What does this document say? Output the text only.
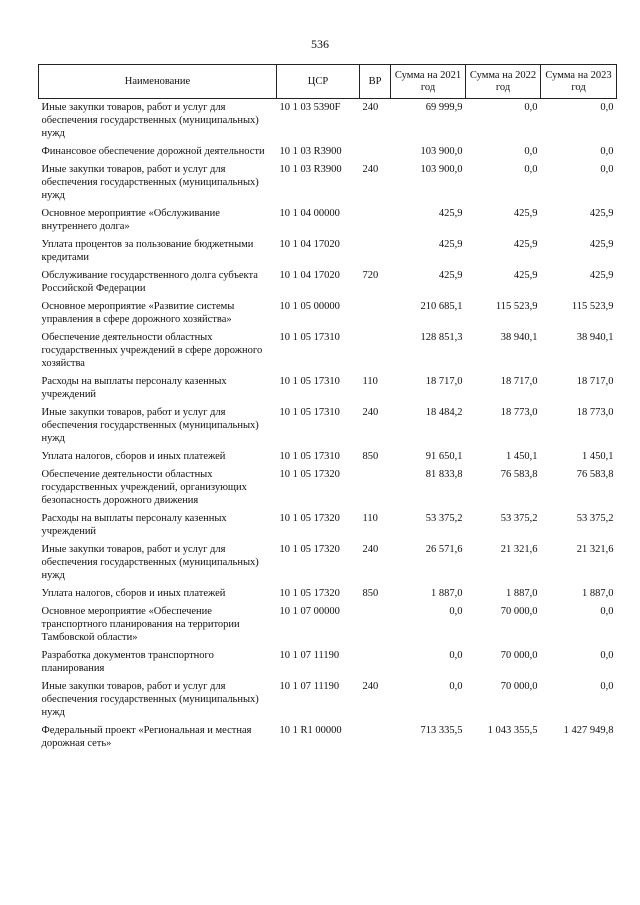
536
Наименование	ЦСР	ВР	Сумма на 2021 год	Сумма на 2022 год	Сумма на 2023 год
Иные закупки товаров, работ и услуг для обеспечения государственных (муниципальных) нужд	10 1 03 5390F	240	69 999,9	0,0	0,0
Финансовое обеспечение дорожной деятельности	10 1 03 R3900		103 900,0	0,0	0,0
Иные закупки товаров, работ и услуг для обеспечения государственных (муниципальных) нужд	10 1 03 R3900	240	103 900,0	0,0	0,0
Основное мероприятие «Обслуживание внутреннего долга»	10 1 04 00000		425,9	425,9	425,9
Уплата процентов за пользование бюджетными кредитами	10 1 04 17020		425,9	425,9	425,9
Обслуживание государственного долга субъекта Российской Федерации	10 1 04 17020	720	425,9	425,9	425,9
Основное мероприятие «Развитие системы управления в сфере дорожного хозяйства»	10 1 05 00000		210 685,1	115 523,9	115 523,9
Обеспечение деятельности областных государственных учреждений в сфере дорожного хозяйства	10 1 05 17310		128 851,3	38 940,1	38 940,1
Расходы на выплаты персоналу казенных учреждений	10 1 05 17310	110	18 717,0	18 717,0	18 717,0
Иные закупки товаров, работ и услуг для обеспечения государственных (муниципальных) нужд	10 1 05 17310	240	18 484,2	18 773,0	18 773,0
Уплата налогов, сборов и иных платежей	10 1 05 17310	850	91 650,1	1 450,1	1 450,1
Обеспечение деятельности областных государственных учреждений, организующих безопасность дорожного движения	10 1 05 17320		81 833,8	76 583,8	76 583,8
Расходы на выплаты персоналу казенных учреждений	10 1 05 17320	110	53 375,2	53 375,2	53 375,2
Иные закупки товаров, работ и услуг для обеспечения государственных (муниципальных) нужд	10 1 05 17320	240	26 571,6	21 321,6	21 321,6
Уплата налогов, сборов и иных платежей	10 1 05 17320	850	1 887,0	1 887,0	1 887,0
Основное мероприятие «Обеспечение транспортного планирования на территории Тамбовской области»	10 1 07 00000		0,0	70 000,0	0,0
Разработка документов транспортного планирования	10 1 07 11190		0,0	70 000,0	0,0
Иные закупки товаров, работ и услуг для обеспечения государственных (муниципальных) нужд	10 1 07 11190	240	0,0	70 000,0	0,0
Федеральный проект «Региональная и местная дорожная сеть»	10 1 R1 00000		713 335,5	1 043 355,5	1 427 949,8
